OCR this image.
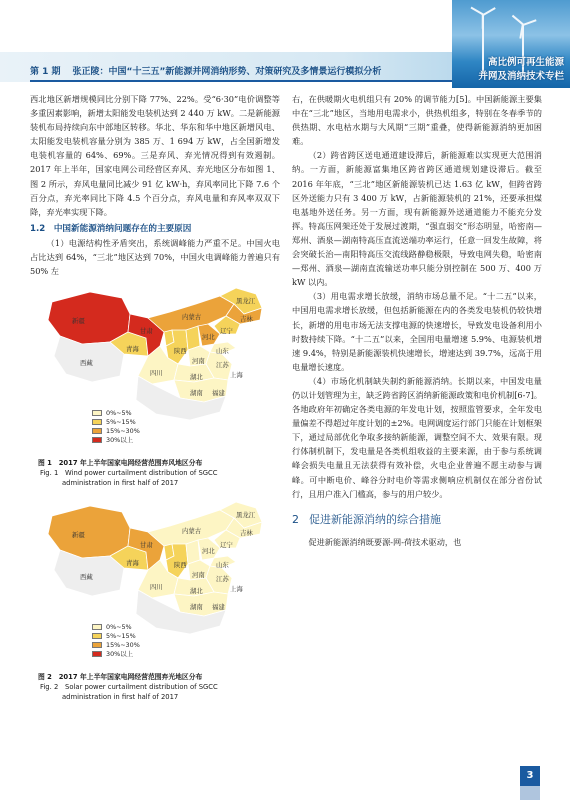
第 1 期 张正陵：中国“十三五”新能源并网消纳形势、对策研究及多情景运行模拟分析
高比例可再生能源
并网及消纳技术专栏

西北地区新增规模同比分别下降 77%、22%。受“6·30”电价调整等多重因素影响，新增太阳能发电装机达到 2 440 万 kW。二是新能源装机布局持续向东中部地区转移。华北、华东和华中地区新增风电、太阳能发电装机容量分别为 385 万、1 694 万 kW，占全国新增发电装机容量的 64%、69%。三是弃风、弃光情况得到有效遏制。2017 年上半年，国家电网公司经营区弃风、弃光地区分布如图 1、图 2 所示，弃风电量同比减少 91 亿 kW·h，弃风率同比下降 7.6 个百分点，弃光率同比下降 4.5 个百分点，弃风电量和弃风率双双下降，弃光率实现下降。

1.2　中国新能源消纳问题存在的主要原因

（1）电源结构性矛盾突出，系统调峰能力严重不足。中国火电占比达到 64%，“三北”地区达到 70%，中国火电调峰能力普遍只有 50% 左

新疆
西藏
青海
甘肃
内蒙古
黑龙江
吉林
辽宁
河北
山东
河南 江苏
上海
四川	湖北
湖南 福建
陕西
0%~5%
5%~15%
15%~30%
30%以上
图 1　2017 年上半年国家电网经营范围弃风地区分布
Fig. 1　Wind power curtailment distribution of SGCC
administration in first half of 2017
新疆
西藏
青海
甘肃
内蒙古
黑龙江
吉林
辽宁
河北
山东
河南 江苏
上海
四川	湖北
湖南 福建
陕西
0%~5%
5%~15%
15%~30%
30%以上
图 2　2017 年上半年国家电网经营范围弃光地区分布
Fig. 2　Solar power curtailment distribution of SGCC
administration in first half of 2017

右，在供暖期火电机组只有 20% 的调节能力[5]。中国新能源主要集中在“三北”地区，当地用电需求小，供热机组多，特别在冬春季节的供热期、水电枯水期与大风期“三期”重叠，使得新能源消纳更加困难。

（2）跨省跨区送电通道建设滞后，新能源难以实现更大范围消纳。一方面，新能源富集地区跨省跨区通道规划建设滞后。截至 2016 年年底，“三北”地区新能源装机已达 1.63 亿 kW，但跨省跨区外送能力只有 3 400 万 kW，占新能源装机的 21%，还要承担煤电基地外送任务。另一方面，现有新能源外送通道能力不能充分发挥。特高压网架还处于发展过渡期，“强直弱交”形态明显，哈密南—郑州、酒泉—湖南特高压直流送端功率运行，任意一回发生故障，将会突破长治—南阳特高压交流线路静稳极限，导致电网失稳，哈密南—郑州、酒泉—湖南直流输送功率只能分别控制在 500 万、400 万 kW 以内。

（3）用电需求增长放缓，消纳市场总量不足。“十二五”以来，中国用电需求增长放缓，但包括新能源在内的各类发电装机仍较快增长，新增的用电市场无法支撑电源的快速增长，导致发电设备利用小时数持续下降。“十二五”以来，全国用电量增速 5.9%、电源装机增速 9.4%，特别是新能源装机快速增长，增速达到 39.7%，远高于用电量增长速度。

（4）市场化机制缺失制约新能源消纳。长期以来，中国发电量仍以计划管理为主，缺乏跨省跨区消纳新能源政策和电价机制[6-7]。各地政府年初确定各类电源的年发电计划，按照监管要求，全年发电量偏差不得超过年度计划的±2%。电网调度运行部门只能在计划框架下，通过局部优化争取多接纳新能源，调整空间不大、效果有限。现行体制机制下，发电量是各类机组收益的主要来源，由于参与系统调峰会损失电量且无法获得有效补偿，火电企业普遍不愿主动参与调峰。可中断电价、峰谷分时电价等需求侧响应机制仅在部分省份试行，且用户准入门槛高，参与的用户较少。

2 促进新能源消纳的综合措施

促进新能源消纳既要源-网-荷技术驱动，也

3
